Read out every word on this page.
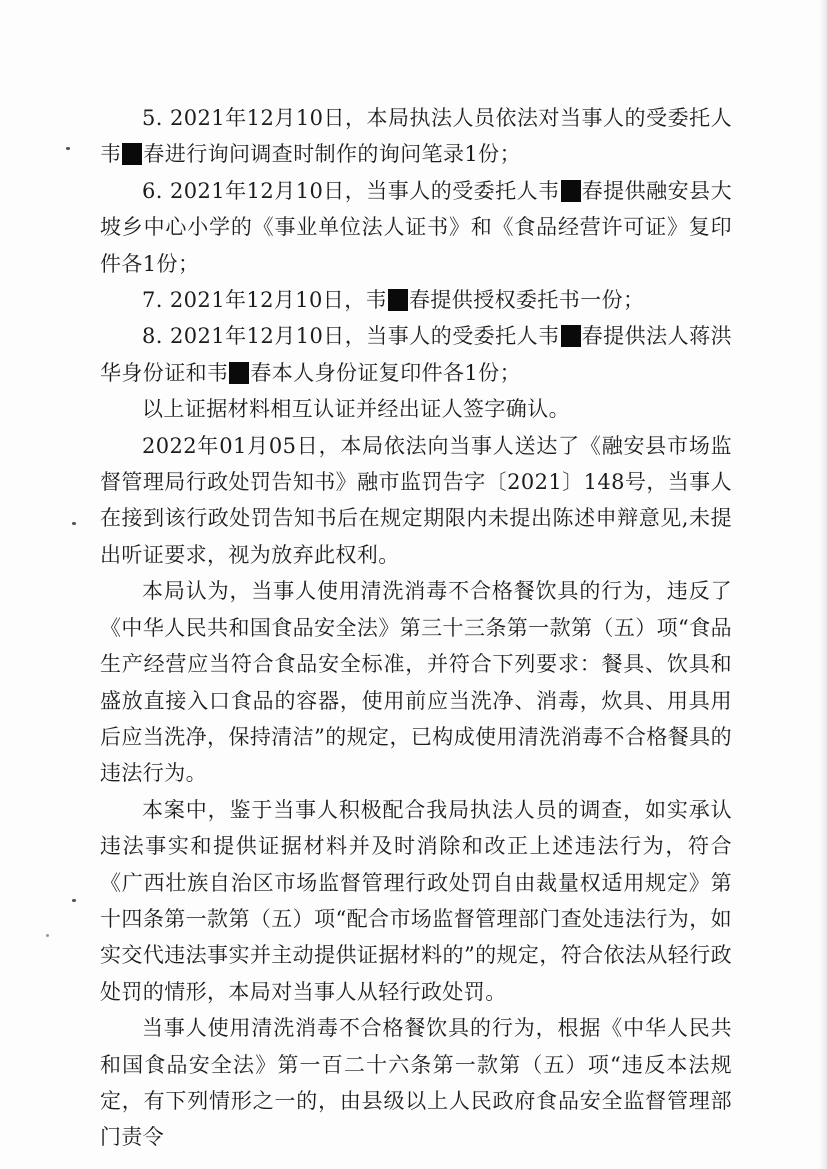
5. 2021年12月10日，本局执法人员依法对当事人的受委托人韦 春进行询问调查时制作的询问笔录1份；

6. 2021年12月10日，当事人的受委托人韦 春提供融安县大坡乡中心小学的《事业单位法人证书》和《食品经营许可证》复印件各1份；

7. 2021年12月10日，韦 春提供授权委托书一份；

8. 2021年12月10日，当事人的受委托人韦 春提供法人蒋洪华身份证和韦 春本人身份证复印件各1份；

以上证据材料相互认证并经出证人签字确认。

2022年01月05日，本局依法向当事人送达了《融安县市场监督管理局行政处罚告知书》融市监罚告字〔2021〕148号，当事人在接到该行政处罚告知书后在规定期限内未提出陈述申辩意见,未提出听证要求，视为放弃此权利。

本局认为，当事人使用清洗消毒不合格餐饮具的行为，违反了《中华人民共和国食品安全法》第三十三条第一款第（五）项“食品生产经营应当符合食品安全标准，并符合下列要求：餐具、饮具和盛放直接入口食品的容器，使用前应当洗净、消毒，炊具、用具用后应当洗净，保持清洁”的规定，已构成使用清洗消毒不合格餐具的违法行为。

本案中，鉴于当事人积极配合我局执法人员的调查，如实承认违法事实和提供证据材料并及时消除和改正上述违法行为，符合《广西壮族自治区市场监督管理行政处罚自由裁量权适用规定》第十四条第一款第（五）项“配合市场监督管理部门查处违法行为，如实交代违法事实并主动提供证据材料的”的规定，符合依法从轻行政处罚的情形，本局对当事人从轻行政处罚。

当事人使用清洗消毒不合格餐饮具的行为，根据《中华人民共和国食品安全法》第一百二十六条第一款第（五）项“违反本法规定，有下列情形之一的，由县级以上人民政府食品安全监督管理部门责令
